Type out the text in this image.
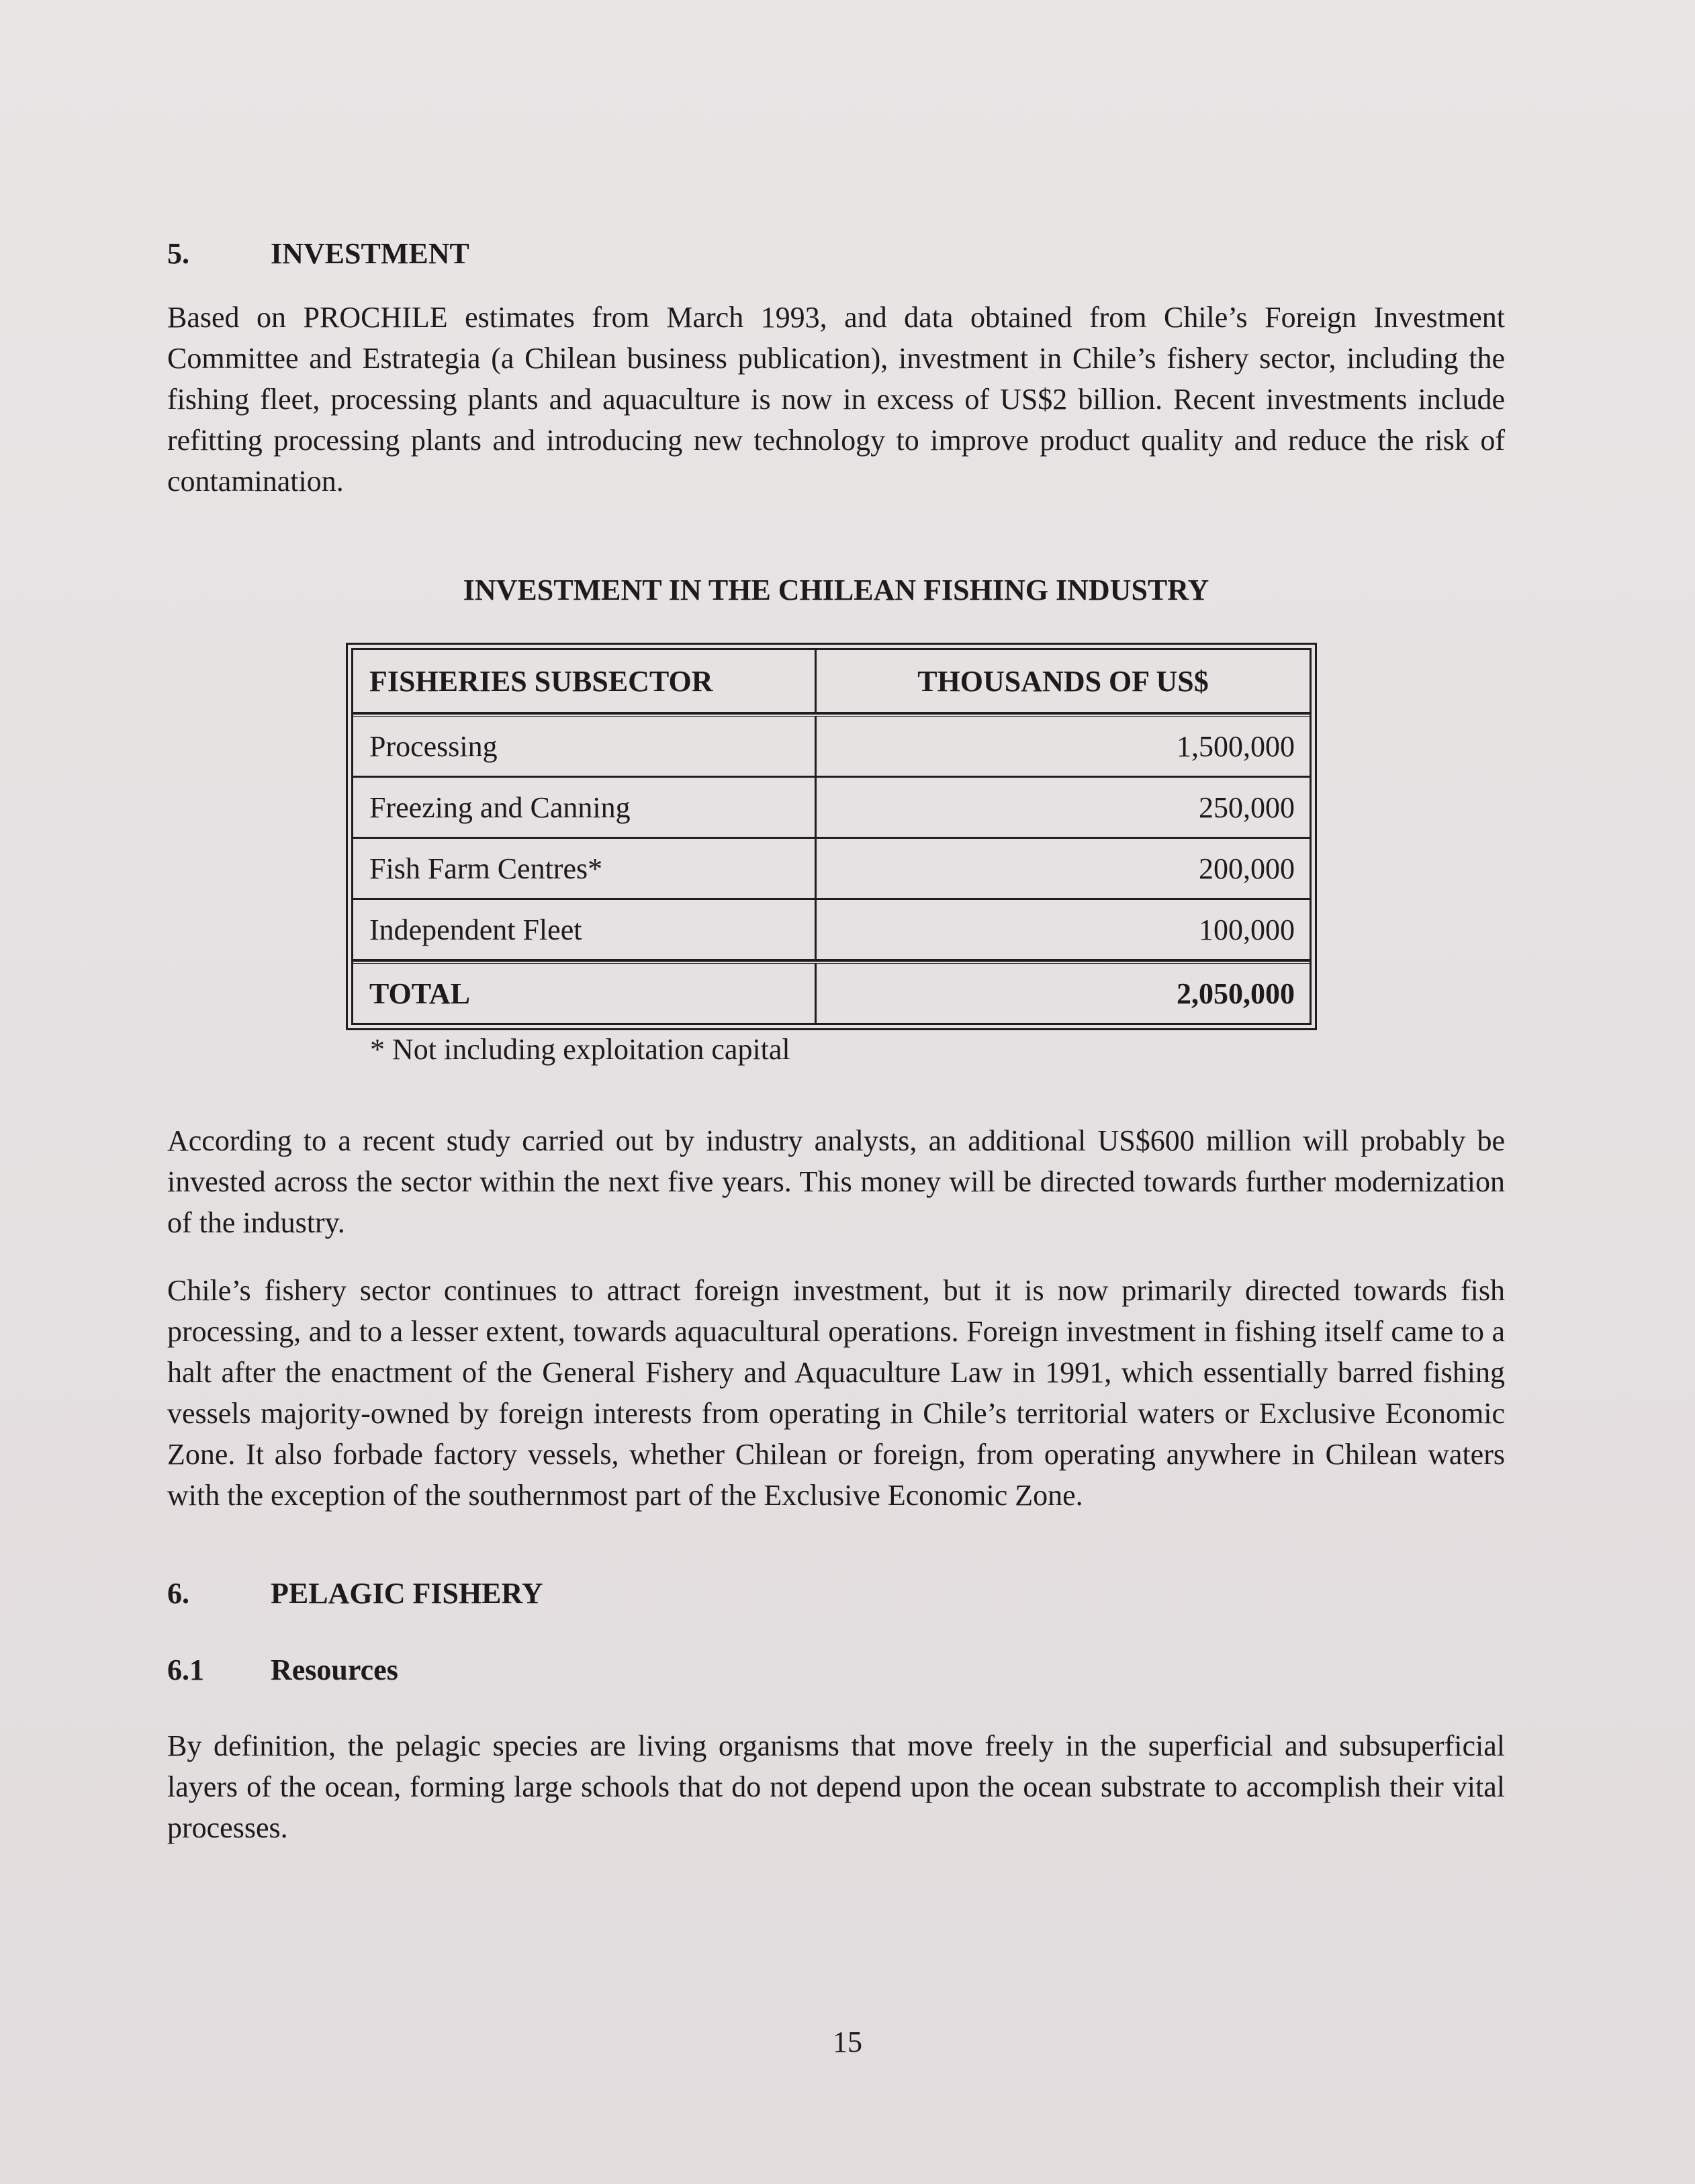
5.	INVESTMENT

Based on PROCHILE estimates from March 1993, and data obtained from Chile’s Foreign Investment Committee and Estrategia (a Chilean business publication), investment in Chile’s fishery sector, including the fishing fleet, processing plants and aquaculture is now in excess of US$2 billion. Recent investments include refitting processing plants and introducing new technology to improve product quality and reduce the risk of contamination.

INVESTMENT IN THE CHILEAN FISHING INDUSTRY
FISHERIES SUBSECTOR	THOUSANDS OF US$
Processing	1,500,000
Freezing and Canning	250,000
Fish Farm Centres*	200,000
Independent Fleet	100,000
TOTAL	2,050,000
* Not including exploitation capital

According to a recent study carried out by industry analysts, an additional US$600 million will probably be invested across the sector within the next five years. This money will be directed towards further modernization of the industry.

Chile’s fishery sector continues to attract foreign investment, but it is now primarily directed towards fish processing, and to a lesser extent, towards aquacultural operations. Foreign investment in fishing itself came to a halt after the enactment of the General Fishery and Aquaculture Law in 1991, which essentially barred fishing vessels majority-owned by foreign interests from operating in Chile’s territorial waters or Exclusive Economic Zone. It also forbade factory vessels, whether Chilean or foreign, from operating anywhere in Chilean waters with the exception of the southernmost part of the Exclusive Economic Zone.

6.	PELAGIC FISHERY
6.1	Resources

By definition, the pelagic species are living organisms that move freely in the superficial and subsuperficial layers of the ocean, forming large schools that do not depend upon the ocean substrate to accomplish their vital processes.

15
